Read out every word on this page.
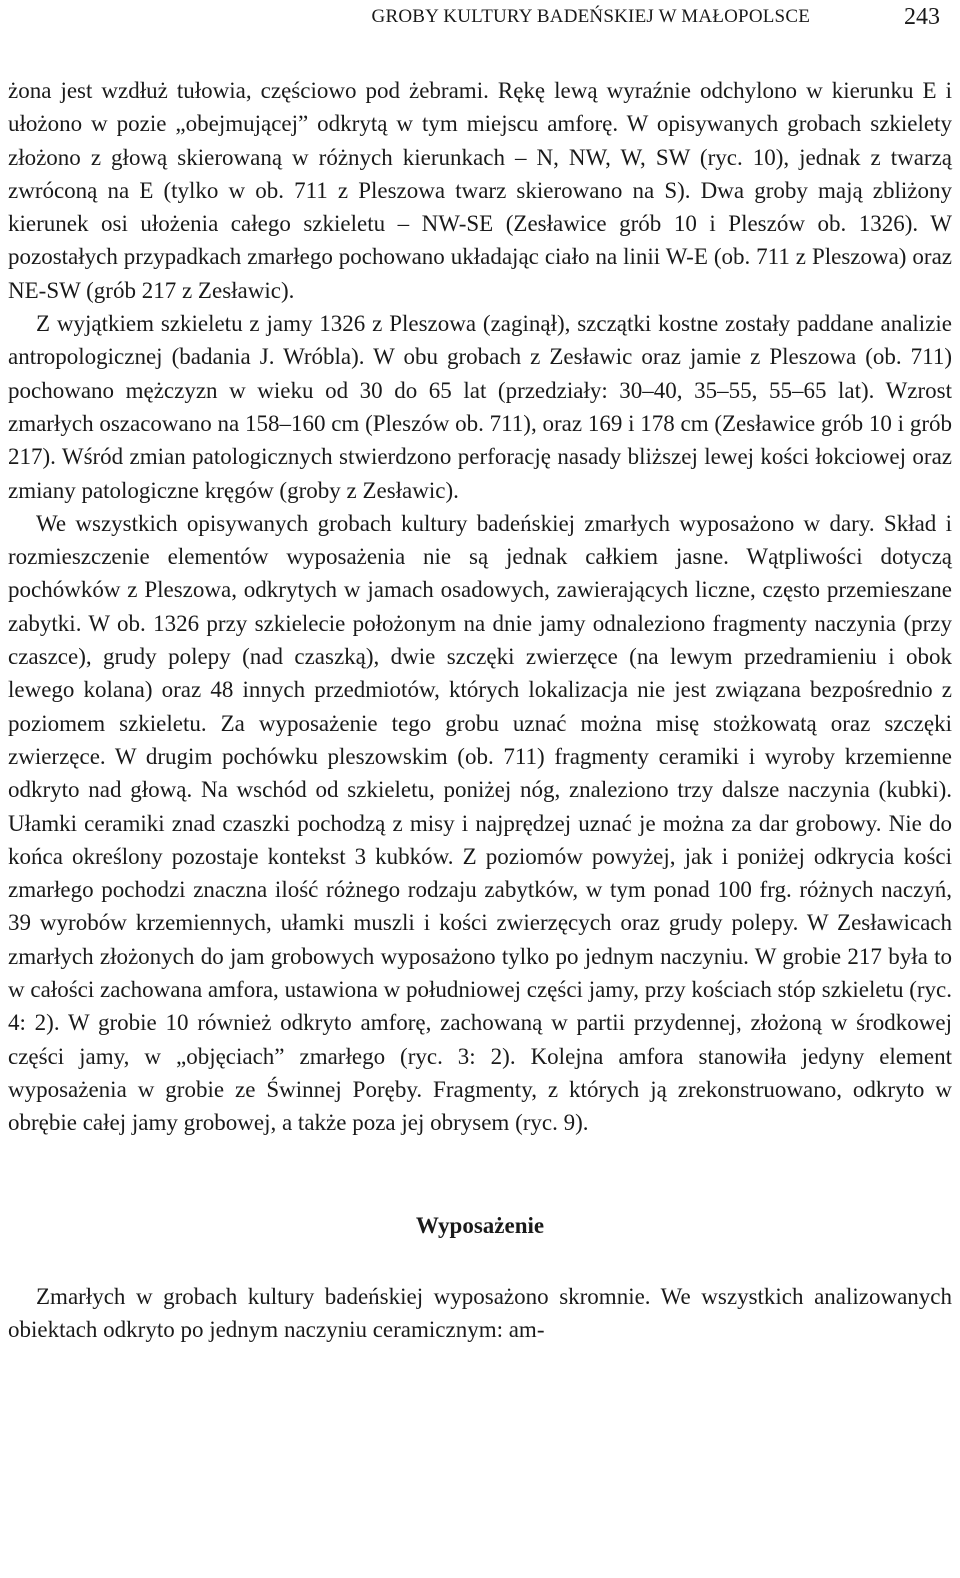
GROBY KULTURY BADEŃSKIEJ W MAŁOPOLSCE	243

żona jest wzdłuż tułowia, częściowo pod żebrami. Rękę lewą wyraźnie odchylono w kierunku E i ułożono w pozie „obejmującej” odkrytą w tym miejscu amforę. W opisywanych grobach szkielety złożono z głową skierowaną w różnych kierunkach – N, NW, W, SW (ryc. 10), jednak z twarzą zwróconą na E (tylko w ob. 711 z Pleszowa twarz skierowano na S). Dwa groby mają zbliżony kierunek osi ułożenia całego szkieletu – NW-SE (Zesławice grób 10 i Pleszów ob. 1326). W pozostałych przypadkach zmarłego pochowano układając ciało na linii W-E (ob. 711 z Pleszowa) oraz NE-SW (grób 217 z Zesławic).

Z wyjątkiem szkieletu z jamy 1326 z Pleszowa (zaginął), szczątki kostne zostały paddane analizie antropologicznej (badania J. Wróbla). W obu grobach z Zesławic oraz jamie z Pleszowa (ob. 711) pochowano mężczyzn w wieku od 30 do 65 lat (przedziały: 30–40, 35–55, 55–65 lat). Wzrost zmarłych oszacowano na 158–160 cm (Pleszów ob. 711), oraz 169 i 178 cm (Zesławice grób 10 i grób 217). Wśród zmian patologicznych stwierdzono perforację nasady bliższej lewej kości łokciowej oraz zmiany patologiczne kręgów (groby z Zesławic).

We wszystkich opisywanych grobach kultury badeńskiej zmarłych wyposażono w dary. Skład i rozmieszczenie elementów wyposażenia nie są jednak całkiem jasne. Wątpliwości dotyczą pochówków z Pleszowa, odkrytych w jamach osadowych, zawierających liczne, często przemieszane zabytki. W ob. 1326 przy szkielecie położonym na dnie jamy odnaleziono fragmenty naczynia (przy czaszce), grudy polepy (nad czaszką), dwie szczęki zwierzęce (na lewym przedramieniu i obok lewego kolana) oraz 48 innych przedmiotów, których lokalizacja nie jest związana bezpośrednio z poziomem szkieletu. Za wyposażenie tego grobu uznać można misę stożkowatą oraz szczęki zwierzęce. W drugim pochówku pleszowskim (ob. 711) fragmenty ceramiki i wyroby krzemienne odkryto nad głową. Na wschód od szkieletu, poniżej nóg, znaleziono trzy dalsze naczynia (kubki). Ułamki ceramiki znad czaszki pochodzą z misy i najprędzej uznać je można za dar grobowy. Nie do końca określony pozostaje kontekst 3 kubków. Z poziomów powyżej, jak i poniżej odkrycia kości zmarłego pochodzi znaczna ilość różnego rodzaju zabytków, w tym ponad 100 frg. różnych naczyń, 39 wyrobów krzemiennych, ułamki muszli i kości zwierzęcych oraz grudy polepy. W Zesławicach zmarłych złożonych do jam grobowych wyposażono tylko po jednym naczyniu. W grobie 217 była to w całości zachowana amfora, ustawiona w południowej części jamy, przy kościach stóp szkieletu (ryc. 4: 2). W grobie 10 również odkryto amforę, zachowaną w partii przydennej, złożoną w środkowej części jamy, w „objęciach” zmarłego (ryc. 3: 2). Kolejna amfora stanowiła jedyny element wyposażenia w grobie ze Świnnej Poręby. Fragmenty, z których ją zrekonstruowano, odkryto w obrębie całej jamy grobowej, a także poza jej obrysem (ryc. 9).

Wyposażenie

Zmarłych w grobach kultury badeńskiej wyposażono skromnie. We wszystkich analizowanych obiektach odkryto po jednym naczyniu ceramicznym: am-
